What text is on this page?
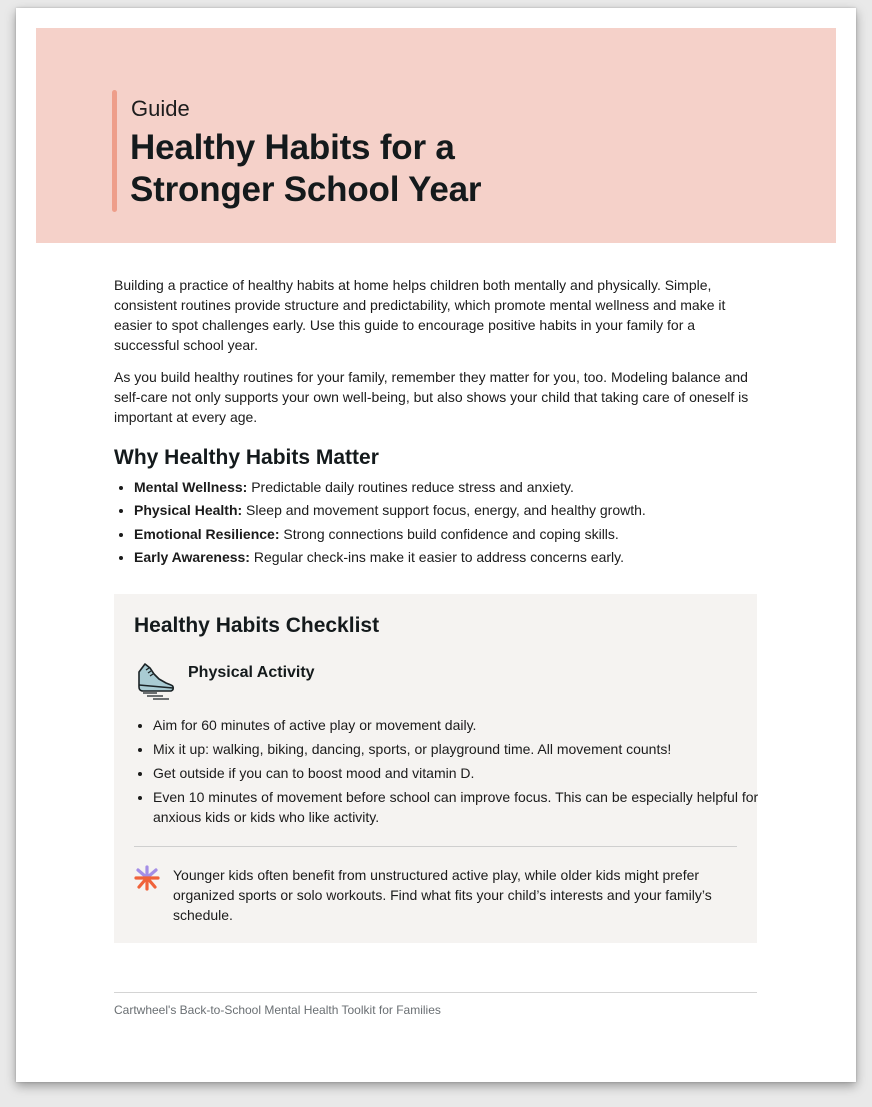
Guide
Healthy Habits for a Stronger School Year

Building a practice of healthy habits at home helps children both mentally and physically. Simple, consistent routines provide structure and predictability, which promote mental wellness and make it easier to spot challenges early. Use this guide to encourage positive habits in your family for a successful school year.

As you build healthy routines for your family, remember they matter for you, too. Modeling balance and self-care not only supports your own well-being, but also shows your child that taking care of oneself is important at every age.

Why Healthy Habits Matter
• Mental Wellness: Predictable daily routines reduce stress and anxiety.
• Physical Health: Sleep and movement support focus, energy, and healthy growth.
• Emotional Resilience: Strong connections build confidence and coping skills.
• Early Awareness: Regular check-ins make it easier to address concerns early.
Healthy Habits Checklist
Physical Activity
• Aim for 60 minutes of active play or movement daily.
• Mix it up: walking, biking, dancing, sports, or playground time. All movement counts!
• Get outside if you can to boost mood and vitamin D.
• Even 10 minutes of movement before school can improve focus. This can be especially helpful for anxious kids or kids who like activity.

Younger kids often benefit from unstructured active play, while older kids might prefer organized sports or solo workouts. Find what fits your child’s interests and your family’s schedule.

Cartwheel's Back-to-School Mental Health Toolkit for Families
